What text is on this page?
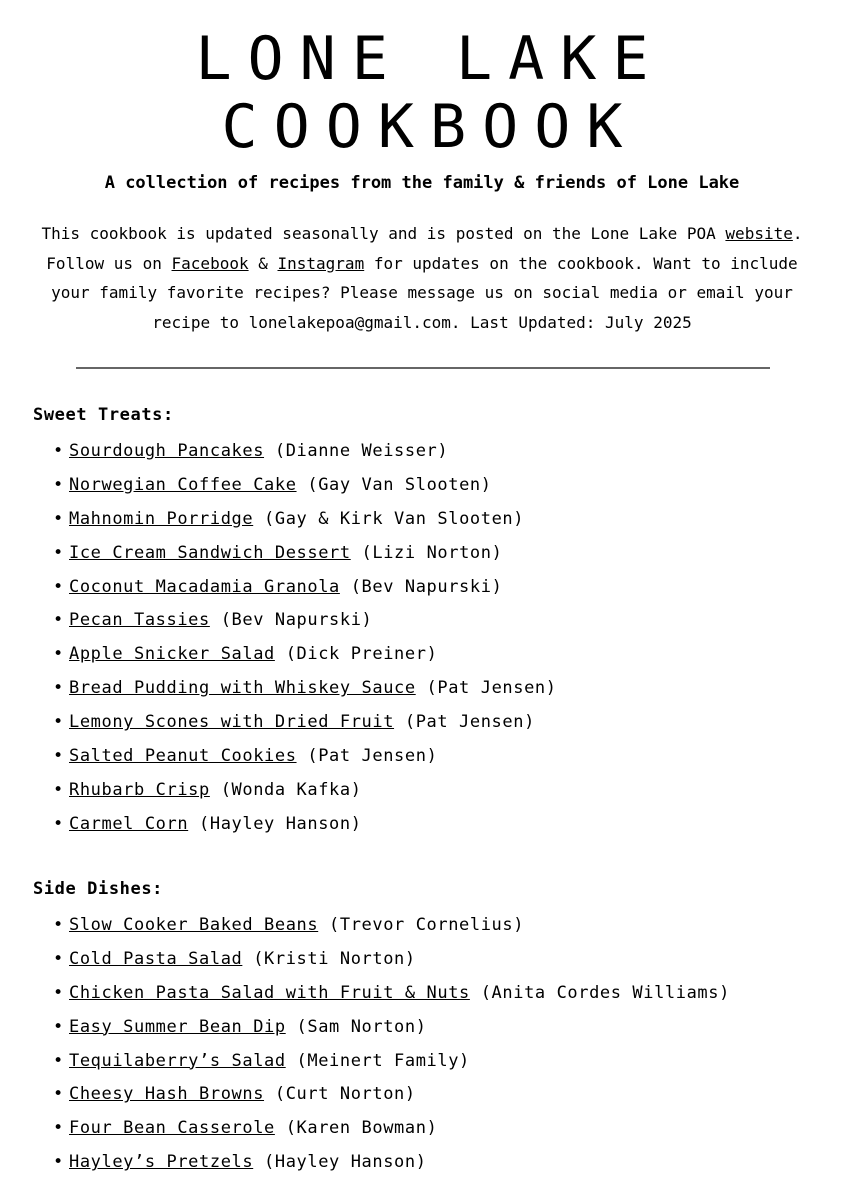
LONE LAKE
COOKBOOK

A collection of recipes from the family & friends of Lone Lake

This cookbook is updated seasonally and is posted on the Lone Lake POA website. Follow us on Facebook & Instagram for updates on the cookbook. Want to include your family favorite recipes? Please message us on social media or email your recipe to lonelakepoa@gmail.com. Last Updated: July 2025

Sweet Treats:
• Sourdough Pancakes (Dianne Weisser)
• Norwegian Coffee Cake (Gay Van Slooten)
• Mahnomin Porridge (Gay & Kirk Van Slooten)
• Ice Cream Sandwich Dessert (Lizi Norton)
• Coconut Macadamia Granola (Bev Napurski)
• Pecan Tassies (Bev Napurski)
• Apple Snicker Salad (Dick Preiner)
• Bread Pudding with Whiskey Sauce (Pat Jensen)
• Lemony Scones with Dried Fruit (Pat Jensen)
• Salted Peanut Cookies (Pat Jensen)
• Rhubarb Crisp (Wonda Kafka)
• Carmel Corn (Hayley Hanson)
Side Dishes:
• Slow Cooker Baked Beans (Trevor Cornelius)
• Cold Pasta Salad (Kristi Norton)
• Chicken Pasta Salad with Fruit & Nuts (Anita Cordes Williams)
• Easy Summer Bean Dip (Sam Norton)
• Tequilaberry’s Salad (Meinert Family)
• Cheesy Hash Browns (Curt Norton)
• Four Bean Casserole (Karen Bowman)
• Hayley’s Pretzels (Hayley Hanson)
